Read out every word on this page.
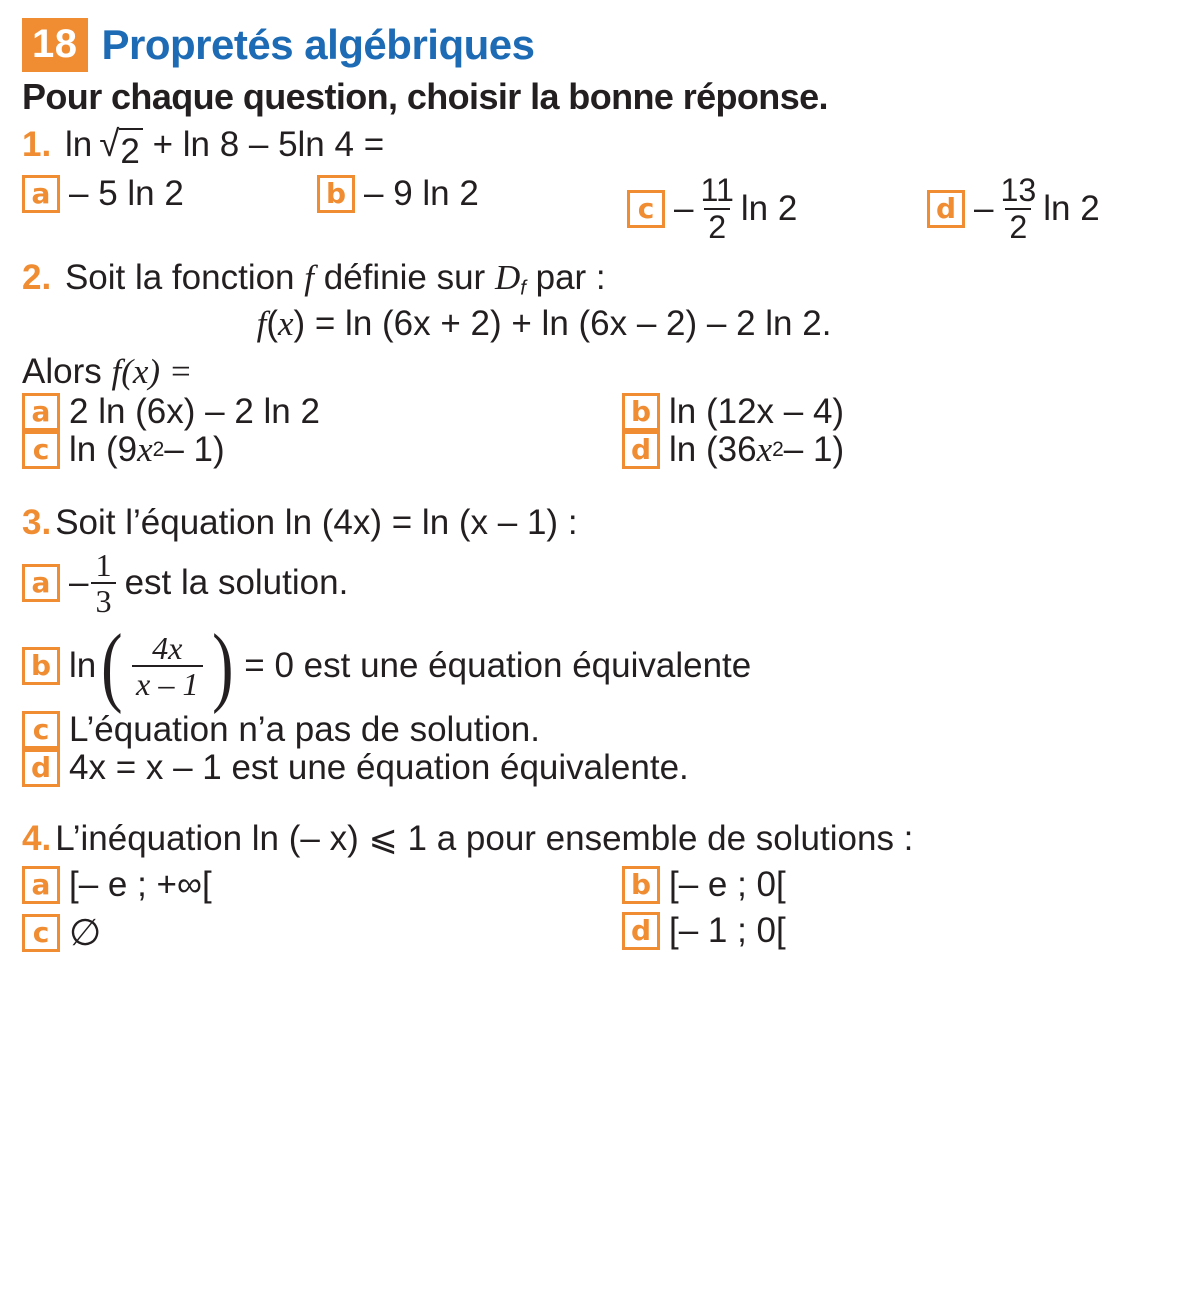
18 Propretés algébriques
Pour chaque question, choisir la bonne réponse.
1. ln √ 2 + ln 8 – 5ln 4 =
a – 5 ln 2	b – 9 ln 2	c – $\frac{11}{2}$ ln 2	d – $\frac{13}{2}$ ln 2
2. Soit la fonction f définie sur $D_f$ par :
f(x) = ln (6x + 2) + ln (6x – 2) – 2 ln 2.
Alors f(x) =
a 2 ln (6x) – 2 ln 2	b ln (12x – 4)
c ln (9 x 2 – 1)	d ln (36 x 2 – 1)
3. Soit l’équation ln (4x) = ln (x – 1) :
a – $\frac{1}{3}$ est la solution.
b ln ( $\frac{4x}{x - 1}$ ) = 0 est une équation équivalente
c L’équation n’a pas de solution.
d 4x = x – 1 est une équation équivalente.
4. L’inéquation ln (– x) ⩽ 1 a pour ensemble de solutions :
a [– e ; +∞[	b [– e ; 0[
c ∅	d [– 1 ; 0[
